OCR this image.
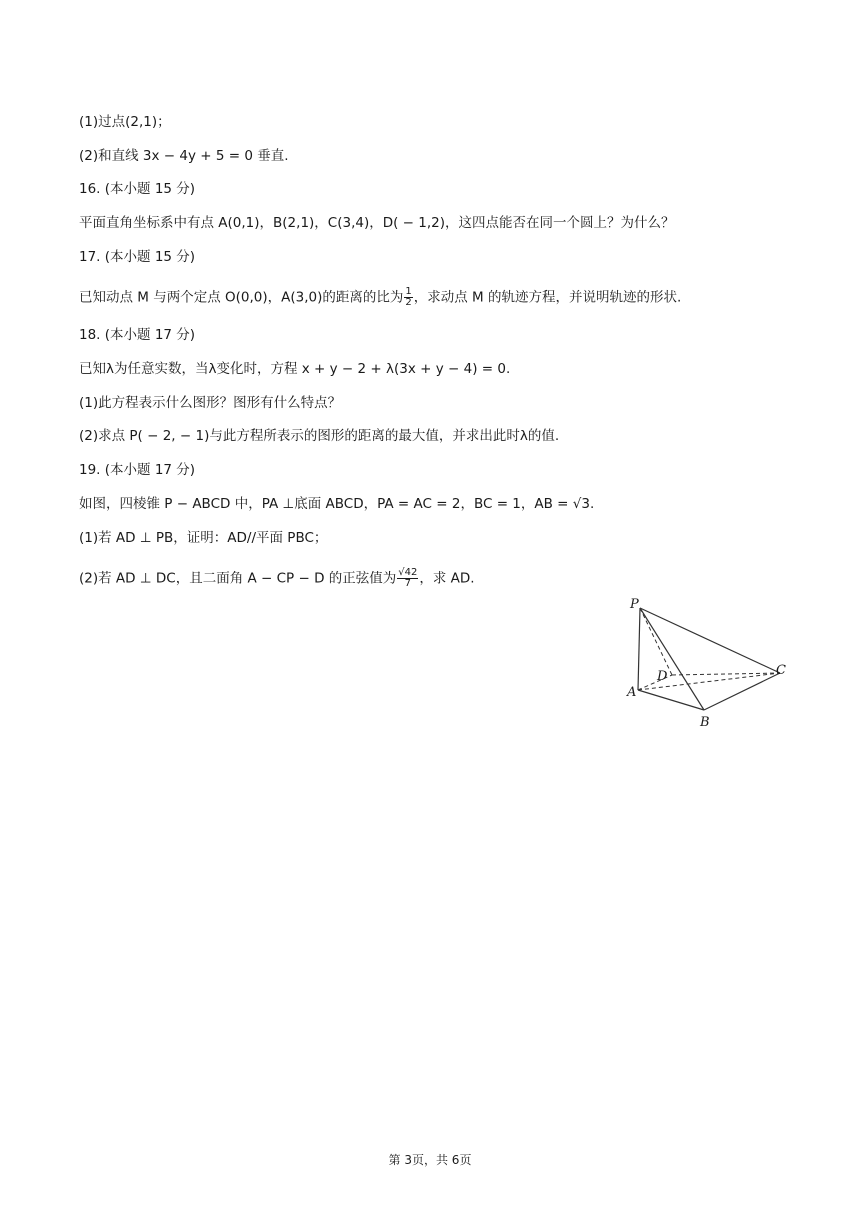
(1)过点(2,1)；
(2)和直线 3x − 4y + 5 = 0 垂直.
16. (本小题 15 分)
平面直角坐标系中有点 A(0,1)，B(2,1)，C(3,4)，D( − 1,2)，这四点能否在同一个圆上？为什么？
17. (本小题 15 分)
已知动点 M 与两个定点 O(0,0)，A(3,0)的距离的比为 $\frac{1}{2}$ ，求动点 M 的轨迹方程，并说明轨迹的形状.
18. (本小题 17 分)
已知λ为任意实数，当λ变化时，方程 x + y − 2 + λ(3x + y − 4) = 0.
(1)此方程表示什么图形？图形有什么特点？
(2)求点 P( − 2, − 1)与此方程所表示的图形的距离的最大值，并求出此时λ的值.
19. (本小题 17 分)
如图，四棱锥 P − ABCD 中，PA ⊥底面 ABCD，PA = AC = 2，BC = 1，AB = √3.
(1)若 AD ⊥ PB，证明：AD//平面 PBC；
(2)若 AD ⊥ DC，且二面角 A − CP − D 的正弦值为 $\frac{√42}{7}$ ，求 AD.
P
A
B
C
D
第 3页，共 6页
